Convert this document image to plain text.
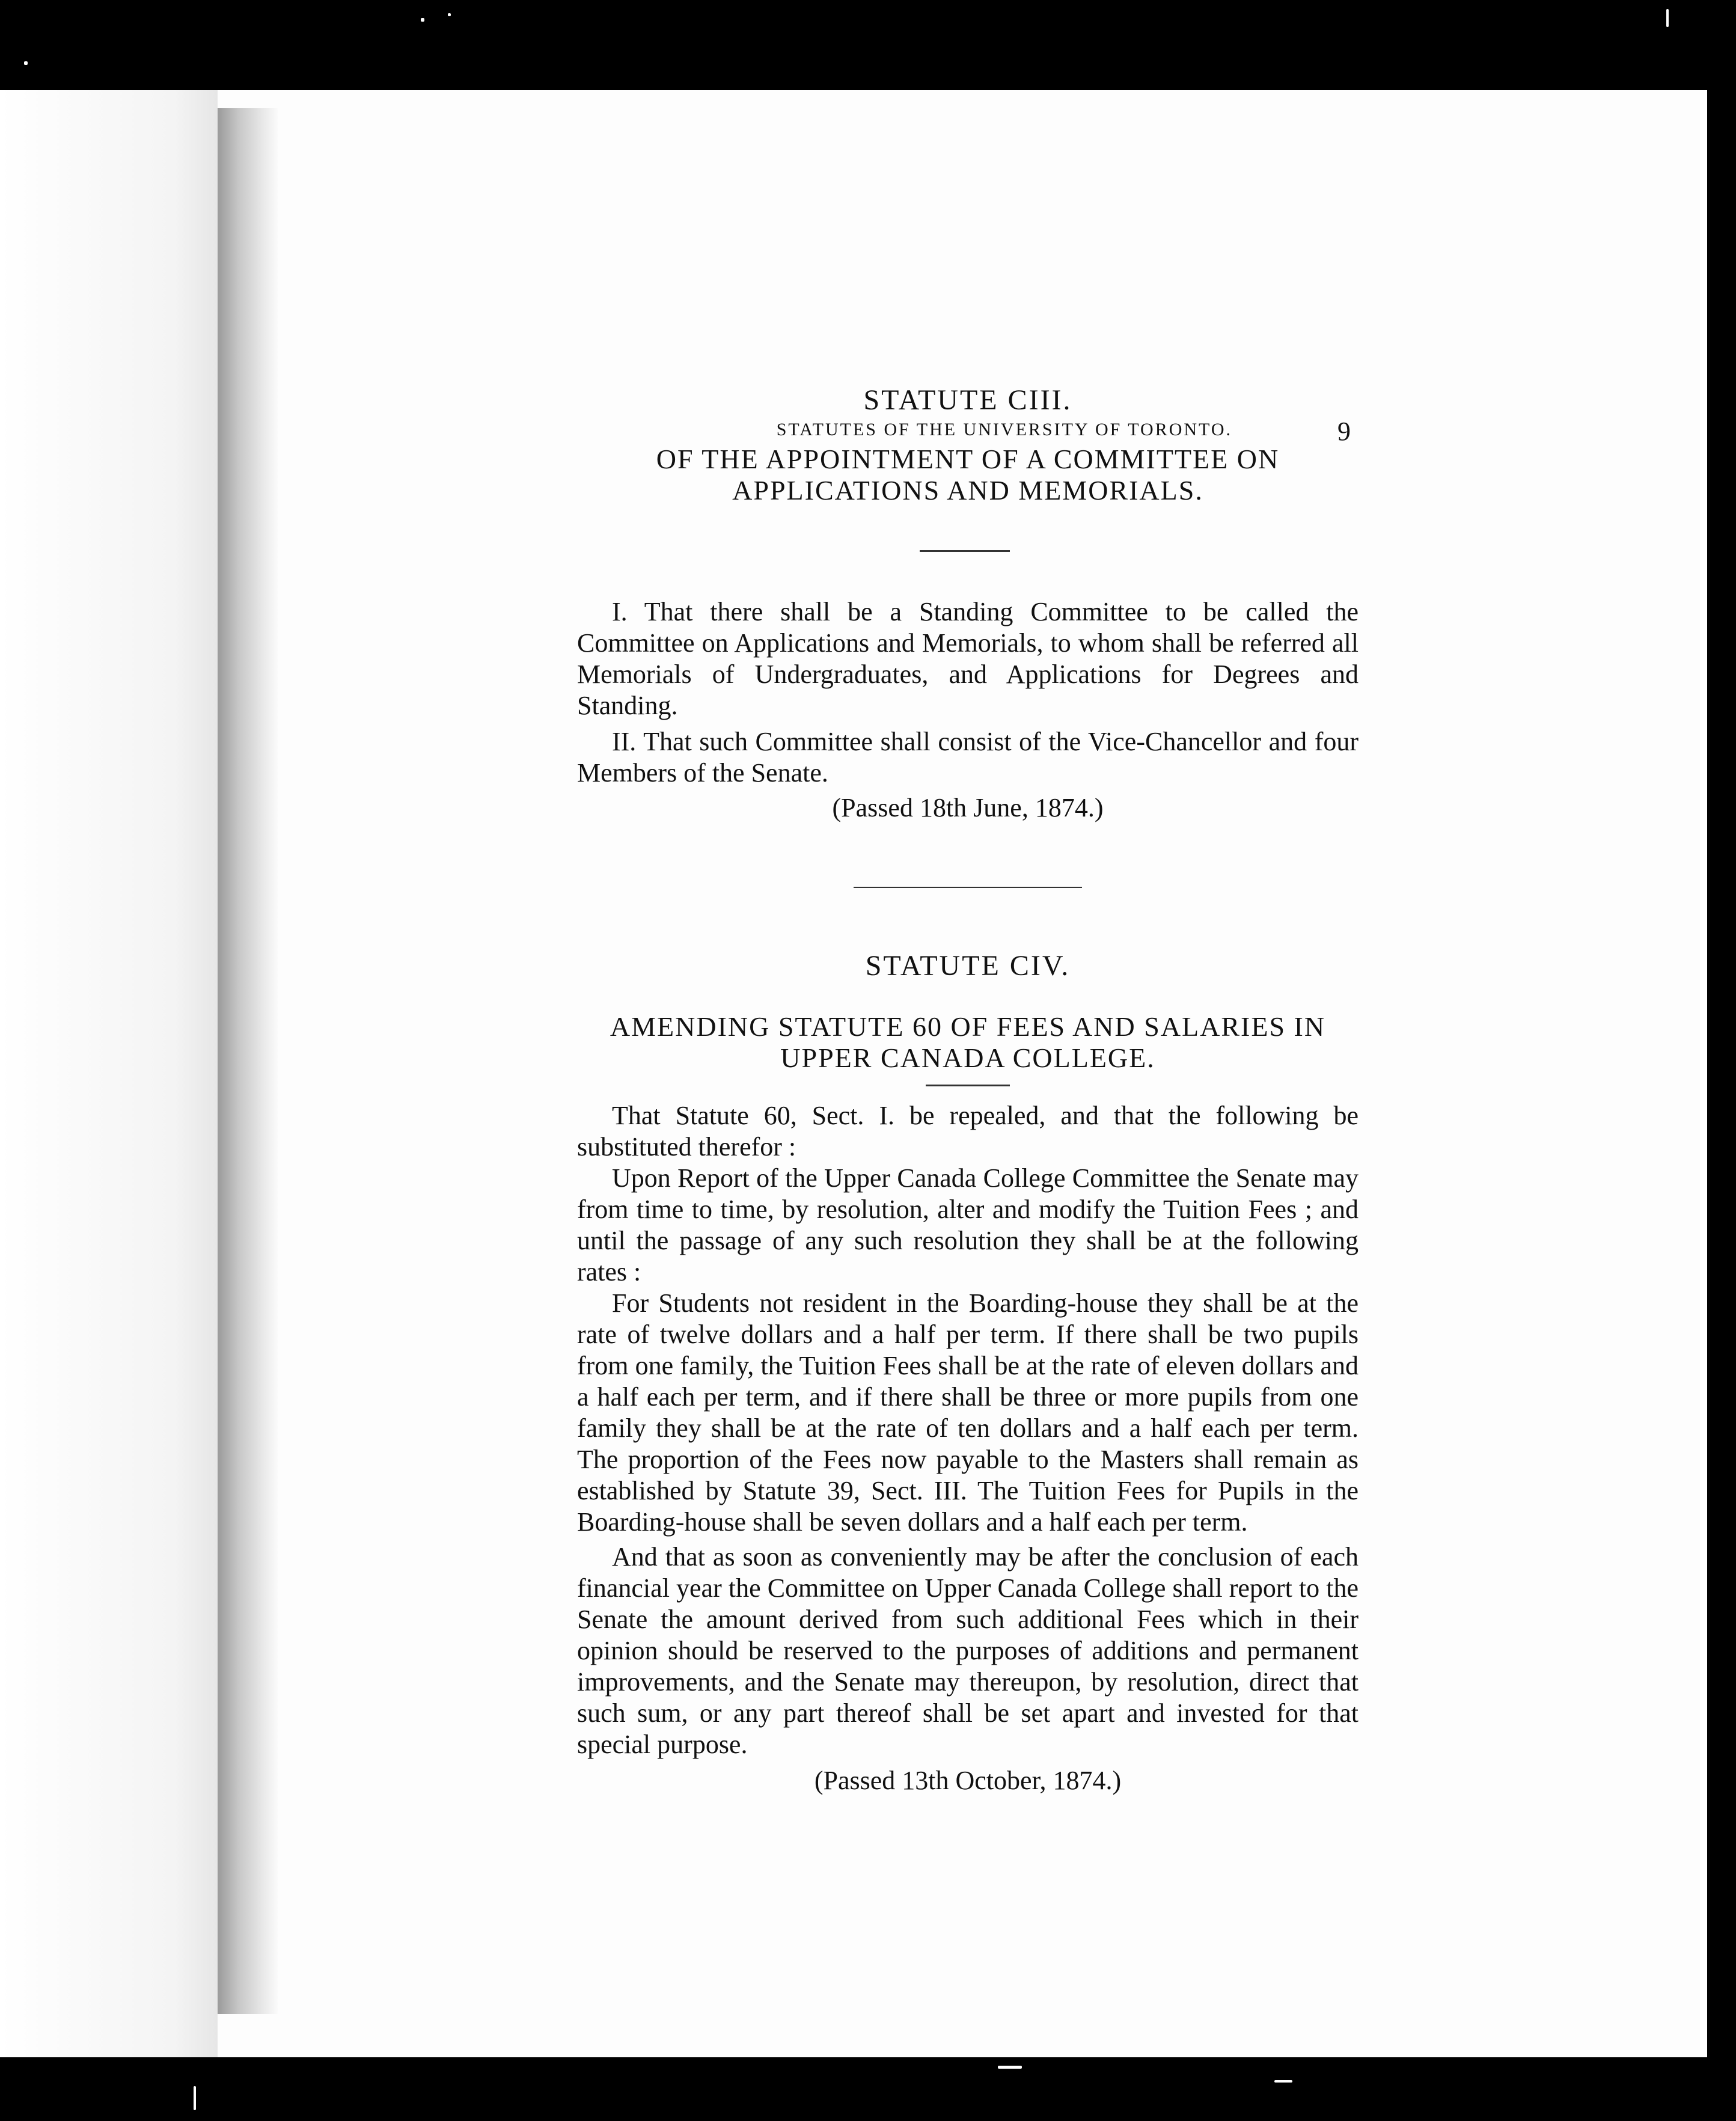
STATUTES OF THE UNIVERSITY OF TORONTO.	9
STATUTE CIII.
OF THE APPOINTMENT OF A COMMITTEE ON APPLICATIONS AND MEMORIALS.

I. That there shall be a Standing Committee to be called the Committee on Applications and Memorials, to whom shall be referred all Memorials of Undergraduates, and Applications for Degrees and Standing.

II. That such Committee shall consist of the Vice-Chancellor and four Members of the Senate.

(Passed 18th June, 1874.)
STATUTE CIV.
AMENDING STATUTE 60 OF FEES AND SALARIES IN UPPER CANADA COLLEGE.

That Statute 60, Sect. I. be repealed, and that the following be substituted therefor :

Upon Report of the Upper Canada College Committee the Senate may from time to time, by resolution, alter and modify the Tuition Fees ; and until the passage of any such resolution they shall be at the following rates :

For Students not resident in the Boarding-house they shall be at the rate of twelve dollars and a half per term. If there shall be two pupils from one family, the Tuition Fees shall be at the rate of eleven dollars and a half each per term, and if there shall be three or more pupils from one family they shall be at the rate of ten dollars and a half each per term. The proportion of the Fees now payable to the Masters shall remain as established by Statute 39, Sect. III. The Tuition Fees for Pupils in the Boarding-house shall be seven dollars and a half each per term.

And that as soon as conveniently may be after the conclusion of each financial year the Committee on Upper Canada College shall report to the Senate the amount derived from such additional Fees which in their opinion should be reserved to the purposes of additions and permanent improvements, and the Senate may thereupon, by resolution, direct that such sum, or any part thereof shall be set apart and invested for that special purpose.

(Passed 13th October, 1874.)
